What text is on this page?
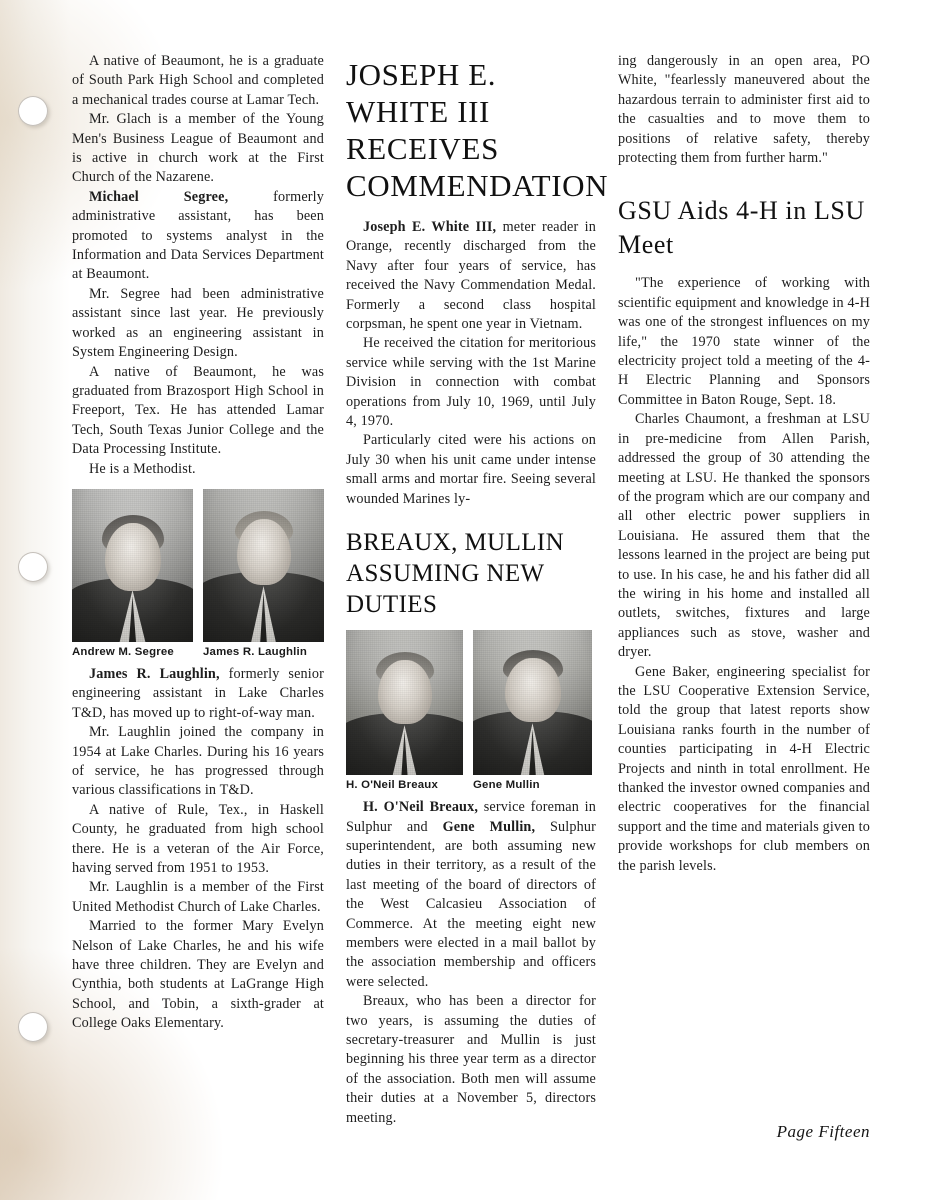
A native of Beaumont, he is a graduate of South Park High School and completed a mechanical trades course at Lamar Tech.

Mr. Glach is a member of the Young Men's Business League of Beaumont and is active in church work at the First Church of the Nazarene.

Michael Segree, formerly administrative assistant, has been promoted to systems analyst in the Information and Data Services Department at Beaumont.

Mr. Segree had been administrative assistant since last year. He previously worked as an engineering assistant in System Engineering Design.

A native of Beaumont, he was graduated from Brazosport High School in Freeport, Tex. He has attended Lamar Tech, South Texas Junior College and the Data Processing Institute.

He is a Methodist.

Andrew M. Segree	James R. Laughlin

James R. Laughlin, formerly senior engineering assistant in Lake Charles T&D, has moved up to right-of-way man.

Mr. Laughlin joined the company in 1954 at Lake Charles. During his 16 years of service, he has progressed through various classifications in T&D.

A native of Rule, Tex., in Haskell County, he graduated from high school there. He is a veteran of the Air Force, having served from 1951 to 1953.

Mr. Laughlin is a member of the First United Methodist Church of Lake Charles.

Married to the former Mary Evelyn Nelson of Lake Charles, he and his wife have three children. They are Evelyn and Cynthia, both students at LaGrange High School, and Tobin, a sixth-grader at College Oaks Elementary.

JOSEPH E. WHITE III RECEIVES COMMENDATION

Joseph E. White III, meter reader in Orange, recently discharged from the Navy after four years of service, has received the Navy Commendation Medal. Formerly a second class hospital corpsman, he spent one year in Vietnam.

He received the citation for meritorious service while serving with the 1st Marine Division in connection with combat operations from July 10, 1969, until July 4, 1970.

Particularly cited were his actions on July 30 when his unit came under intense small arms and mortar fire. Seeing several wounded Marines ly-

BREAUX, MULLIN ASSUMING NEW DUTIES
H. O'Neil Breaux	Gene Mullin

H. O'Neil Breaux, service foreman in Sulphur and Gene Mullin, Sulphur superintendent, are both assuming new duties in their territory, as a result of the last meeting of the board of directors of the West Calcasieu Association of Commerce. At the meeting eight new members were elected in a mail ballot by the association membership and officers were selected.

Breaux, who has been a director for two years, is assuming the duties of secretary-treasurer and Mullin is just beginning his three year term as a director of the association. Both men will assume their duties at a November 5, directors meeting.

ing dangerously in an open area, PO White, "fearlessly maneuvered about the hazardous terrain to administer first aid to the casualties and to move them to positions of relative safety, thereby protecting them from further harm."

GSU Aids 4-H in LSU Meet

"The experience of working with scientific equipment and knowledge in 4-H was one of the strongest influences on my life," the 1970 state winner of the electricity project told a meeting of the 4-H Electric Planning and Sponsors Committee in Baton Rouge, Sept. 18.

Charles Chaumont, a freshman at LSU in pre-medicine from Allen Parish, addressed the group of 30 attending the meeting at LSU. He thanked the sponsors of the program which are our company and all other electric power suppliers in Louisiana. He assured them that the lessons learned in the project are being put to use. In his case, he and his father did all the wiring in his home and installed all outlets, switches, fixtures and large appliances such as stove, washer and dryer.

Gene Baker, engineering specialist for the LSU Cooperative Extension Service, told the group that latest reports show Louisiana ranks fourth in the number of counties participating in 4-H Electric Projects and ninth in total enrollment. He thanked the investor owned companies and electric cooperatives for the financial support and the time and materials given to provide workshops for club members on the parish levels.

Page Fifteen
